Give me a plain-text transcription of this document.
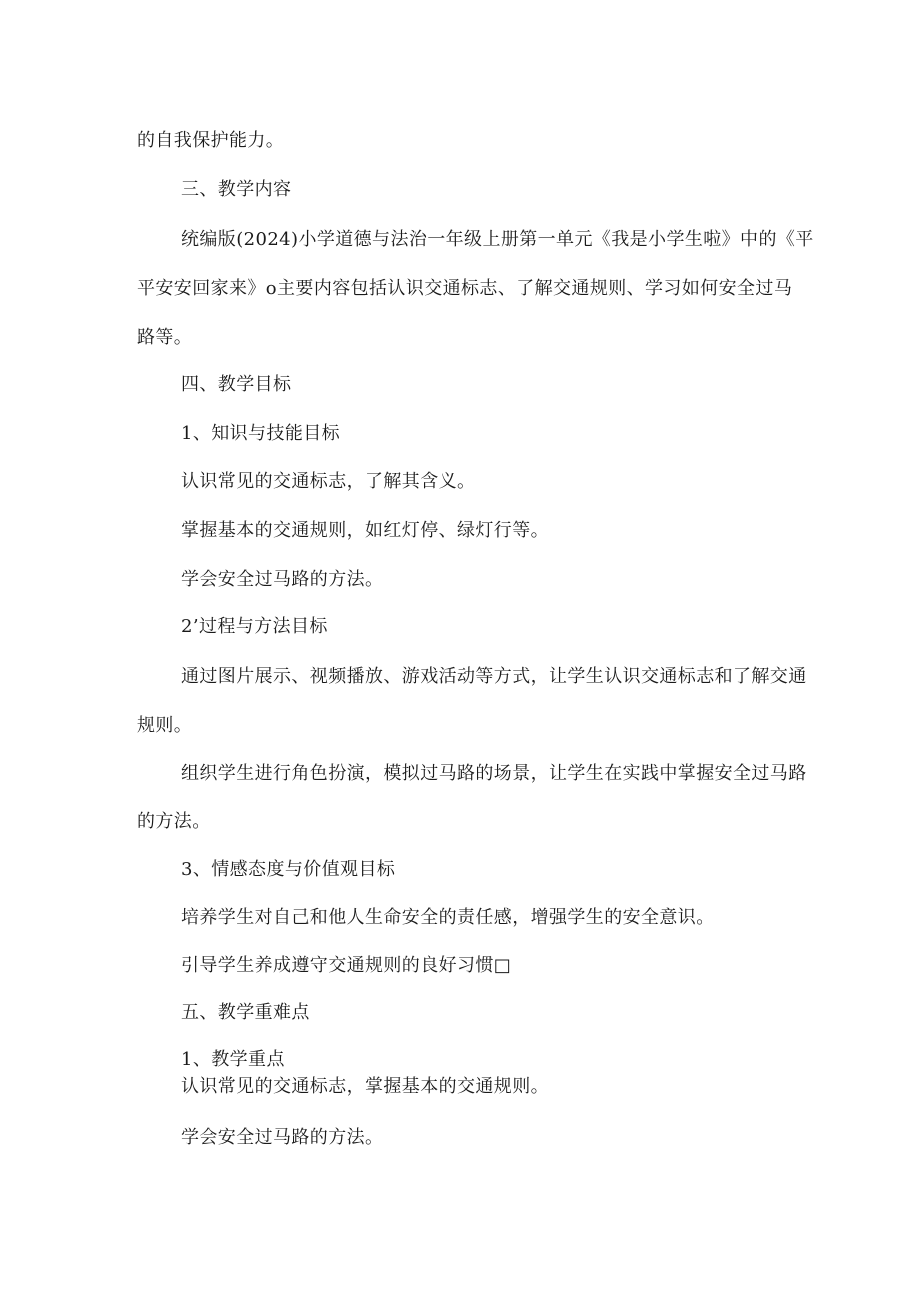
的自我保护能力。
三、教学内容
统编版(2024)小学道德与法治一年级上册第一单元《我是小学生啦》中的《平
平安安回家来》o主要内容包括认识交通标志、了解交通规则、学习如何安全过马
路等。
四、教学目标
1、知识与技能目标
认识常见的交通标志，了解其含义。
掌握基本的交通规则，如红灯停、绿灯行等。
学会安全过马路的方法。
2’过程与方法目标
通过图片展示、视频播放、游戏活动等方式，让学生认识交通标志和了解交通
规则。
组织学生进行角色扮演，模拟过马路的场景，让学生在实践中掌握安全过马路
的方法。
3、情感态度与价值观目标
培养学生对自己和他人生命安全的责任感，增强学生的安全意识。
引导学生养成遵守交通规则的良好习惯□
五、教学重难点
1、教学重点
认识常见的交通标志，掌握基本的交通规则。
学会安全过马路的方法。
